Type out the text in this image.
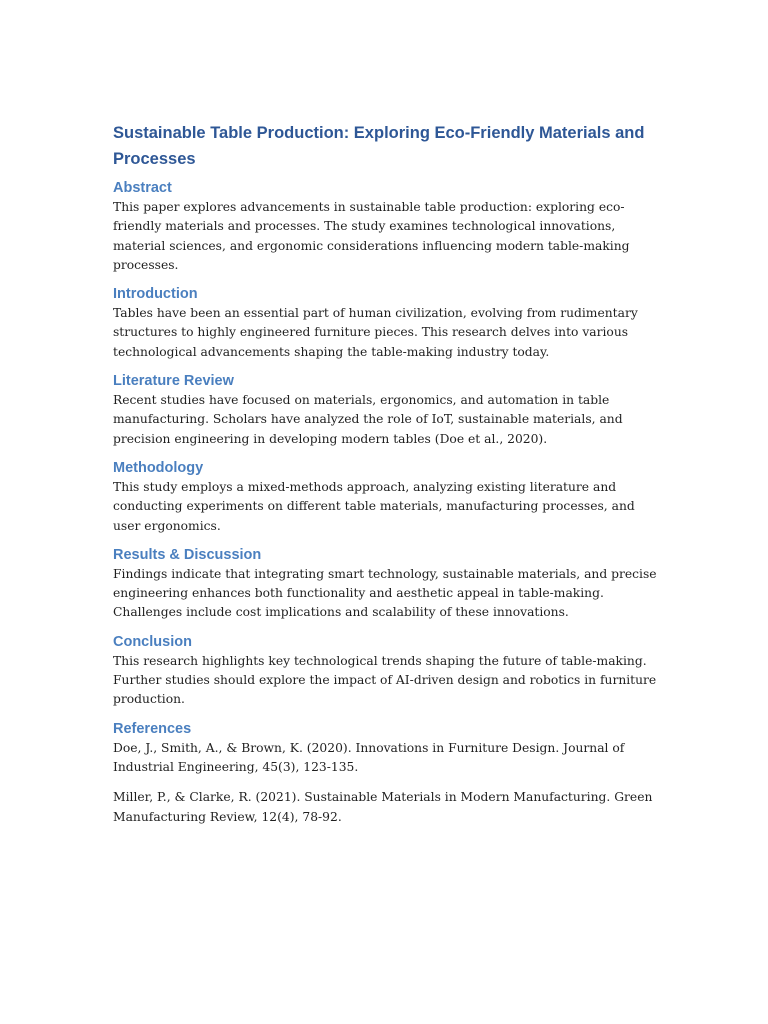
Sustainable Table Production: Exploring Eco-Friendly Materials and Processes
Abstract

This paper explores advancements in sustainable table production: exploring eco-friendly materials and processes. The study examines technological innovations, material sciences, and ergonomic considerations influencing modern table-making processes.

Introduction

Tables have been an essential part of human civilization, evolving from rudimentary structures to highly engineered furniture pieces. This research delves into various technological advancements shaping the table-making industry today.

Literature Review

Recent studies have focused on materials, ergonomics, and automation in table manufacturing. Scholars have analyzed the role of IoT, sustainable materials, and precision engineering in developing modern tables (Doe et al., 2020).

Methodology

This study employs a mixed-methods approach, analyzing existing literature and conducting experiments on different table materials, manufacturing processes, and user ergonomics.

Results & Discussion

Findings indicate that integrating smart technology, sustainable materials, and precise engineering enhances both functionality and aesthetic appeal in table-making. Challenges include cost implications and scalability of these innovations.

Conclusion

This research highlights key technological trends shaping the future of table-making. Further studies should explore the impact of AI-driven design and robotics in furniture production.

References

Doe, J., Smith, A., & Brown, K. (2020). Innovations in Furniture Design. Journal of Industrial Engineering, 45(3), 123-135.

Miller, P., & Clarke, R. (2021). Sustainable Materials in Modern Manufacturing. Green Manufacturing Review, 12(4), 78-92.
